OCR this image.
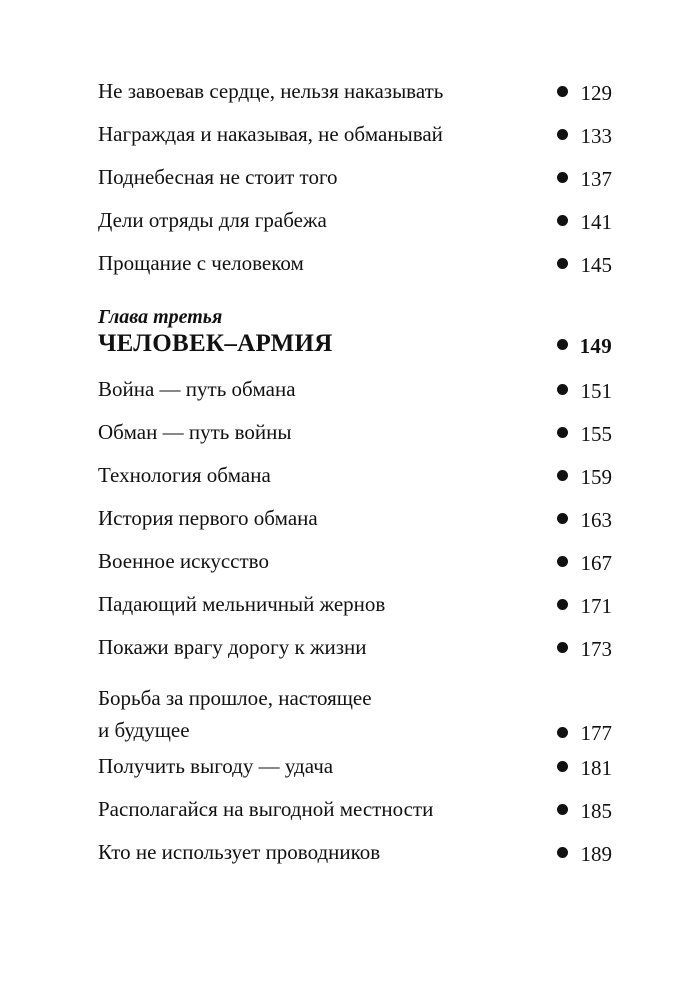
Не завоевав сердце, нельзя наказывать	129
Награждая и наказывая, не обманывай	133
Поднебесная не стоит того	137
Дели отряды для грабежа	141
Прощание с человеком	145
Глава третья
ЧЕЛОВЕК–АРМИЯ	149
Война — путь обмана	151
Обман — путь войны	155
Технология обмана	159
История первого обмана	163
Военное искусство	167
Падающий мельничный жернов	171
Покажи врагу дорогу к жизни	173
Борьба за прошлое, настоящее
и будущее	177
Получить выгоду — удача	181
Располагайся на выгодной местности	185
Кто не использует проводников	189
